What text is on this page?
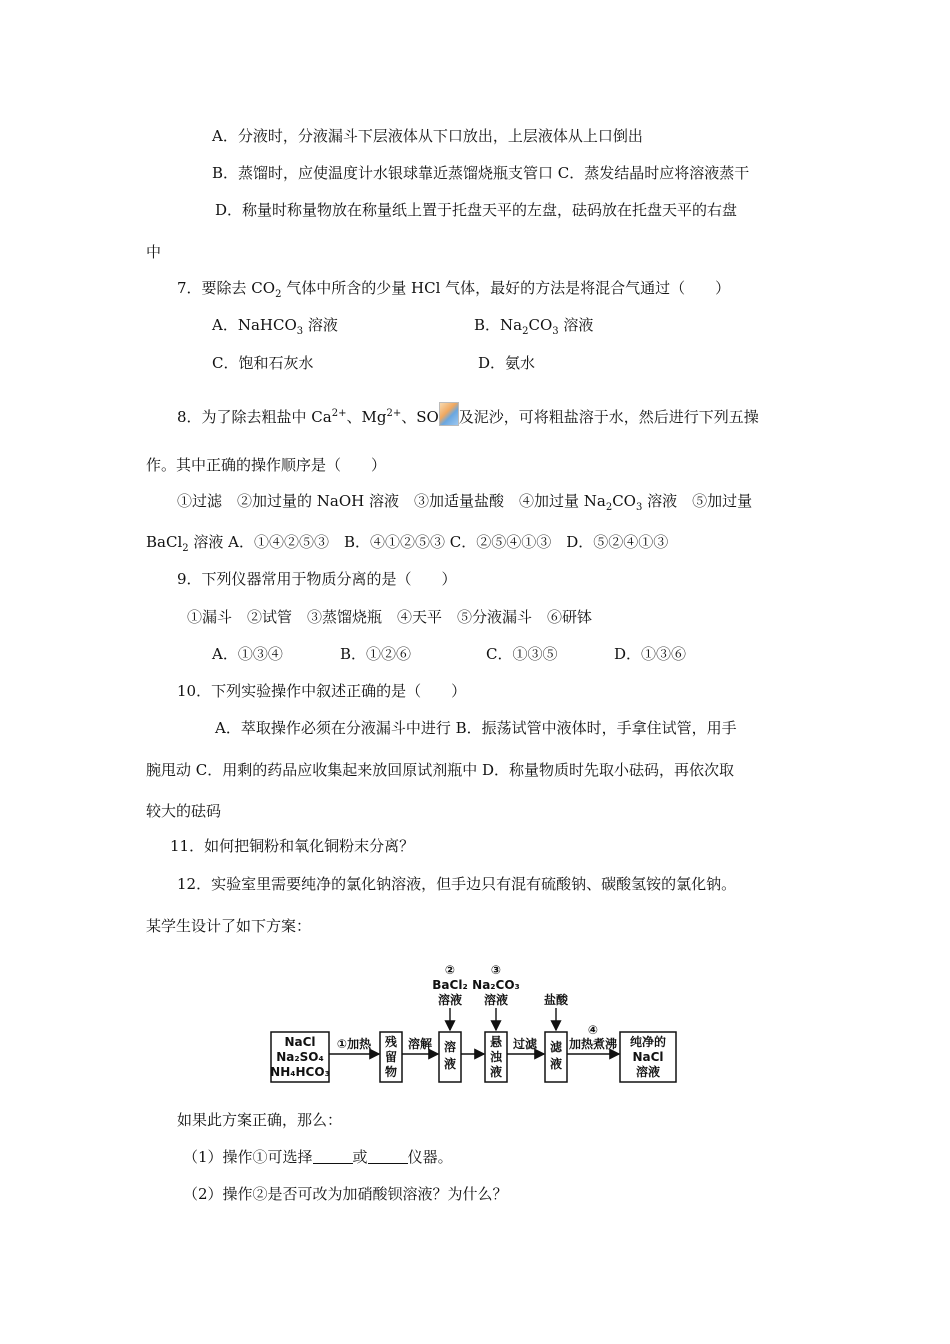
A．分液时，分液漏斗下层液体从下口放出，上层液体从上口倒出
B．蒸馏时，应使温度计水银球靠近蒸馏烧瓶支管口 C．蒸发结晶时应将溶液蒸干
D．称量时称量物放在称量纸上置于托盘天平的左盘，砝码放在托盘天平的右盘
中
7．要除去 $CO_2$ 气体中所含的少量 HCl 气体，最好的方法是将混合气通过（　　）
A．NaHCO$_3$ 溶液	B．$Na_2CO_3$ 溶液
C．饱和石灰水	D．氨水
8．为了除去粗盐中 $Ca^{2+}$、$Mg^{2+}$、SO 及泥沙，可将粗盐溶于水，然后进行下列五操
作。其中正确的操作顺序是（　　）
①过滤　②加过量的 NaOH 溶液　③加适量盐酸　④加过量 $Na_2CO_3$ 溶液　⑤加过量
BaCl$_2$ 溶液 A．①④②⑤③　B．④①②⑤③ C．②⑤④①③　D．⑤②④①③
9．下列仪器常用于物质分离的是（　　）
①漏斗　②试管　③蒸馏烧瓶　④天平　⑤分液漏斗　⑥研钵
A．①③④	B．①②⑥	C．①③⑤	D．①③⑥
10．下列实验操作中叙述正确的是（　　）
A．萃取操作必须在分液漏斗中进行 B．振荡试管中液体时，手拿住试管，用手
腕甩动 C．用剩的药品应收集起来放回原试剂瓶中 D．称量物质时先取小砝码，再依次取
较大的砝码
11．如何把铜粉和氧化铜粉末分离？
12．实验室里需要纯净的氯化钠溶液，但手边只有混有硫酸钠、碳酸氢铵的氯化钠。
某学生设计了如下方案：
NaCl
Na₂SO₄
NH₄HCO₃
①加热 残
留
物
溶解 溶
液
②
BaCl₂
溶液
悬
浊
液
③
Na₂CO₃
溶液
过滤 滤
液
盐酸
④
加热煮沸 纯净的
NaCl
溶液
如果此方案正确，那么：
（1）操作①可选择	或	仪器。
（2）操作②是否可改为加硝酸钡溶液？为什么？
